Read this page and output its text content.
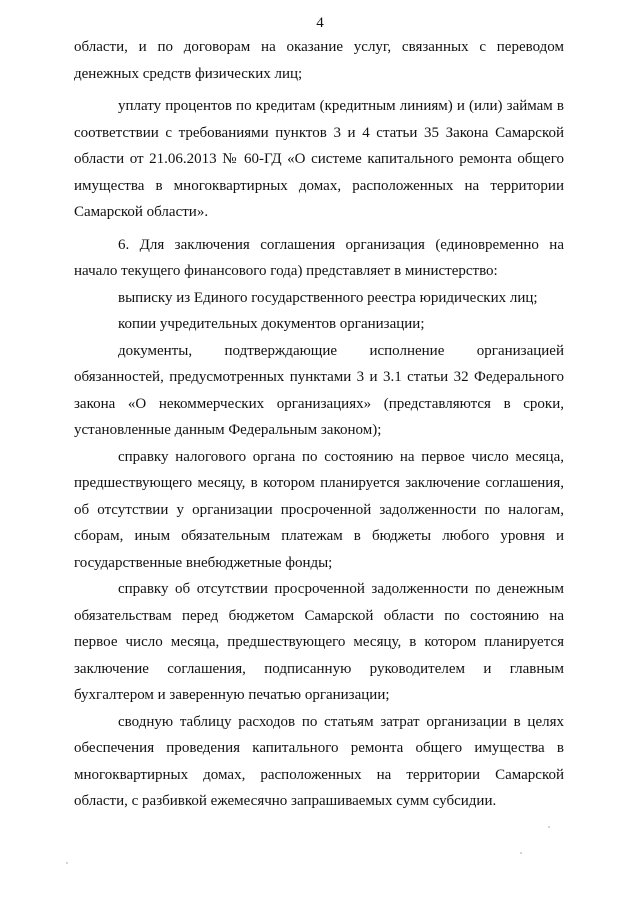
4

области, и по договорам на оказание услуг, связанных с переводом денежных средств физических лиц;

уплату процентов по кредитам (кредитным линиям) и (или) займам в соответствии с требованиями пунктов 3 и 4 статьи 35 Закона Самарской области от 21.06.2013 № 60-ГД «О системе капитального ремонта общего имущества в многоквартирных домах, расположенных на территории Самарской области».

6. Для заключения соглашения организация (единовременно на начало текущего финансового года) представляет в министерство:

выписку из Единого государственного реестра юридических лиц;

копии учредительных документов организации;

документы, подтверждающие исполнение организацией обязанностей, предусмотренных пунктами 3 и 3.1 статьи 32 Федерального закона «О некоммерческих организациях» (представляются в сроки, установленные данным Федеральным законом);

справку налогового органа по состоянию на первое число месяца, предшествующего месяцу, в котором планируется заключение соглашения, об отсутствии у организации просроченной задолженности по налогам, сборам, иным обязательным платежам в бюджеты любого уровня и государственные внебюджетные фонды;

справку об отсутствии просроченной задолженности по денежным обязательствам перед бюджетом Самарской области по состоянию на первое число месяца, предшествующего месяцу, в котором планируется заключение соглашения, подписанную руководителем и главным бухгалтером и заверенную печатью организации;

сводную таблицу расходов по статьям затрат организации в целях обеспечения проведения капитального ремонта общего имущества в многоквартирных домах, расположенных на территории Самарской области, с разбивкой ежемесячно запрашиваемых сумм субсидии.
